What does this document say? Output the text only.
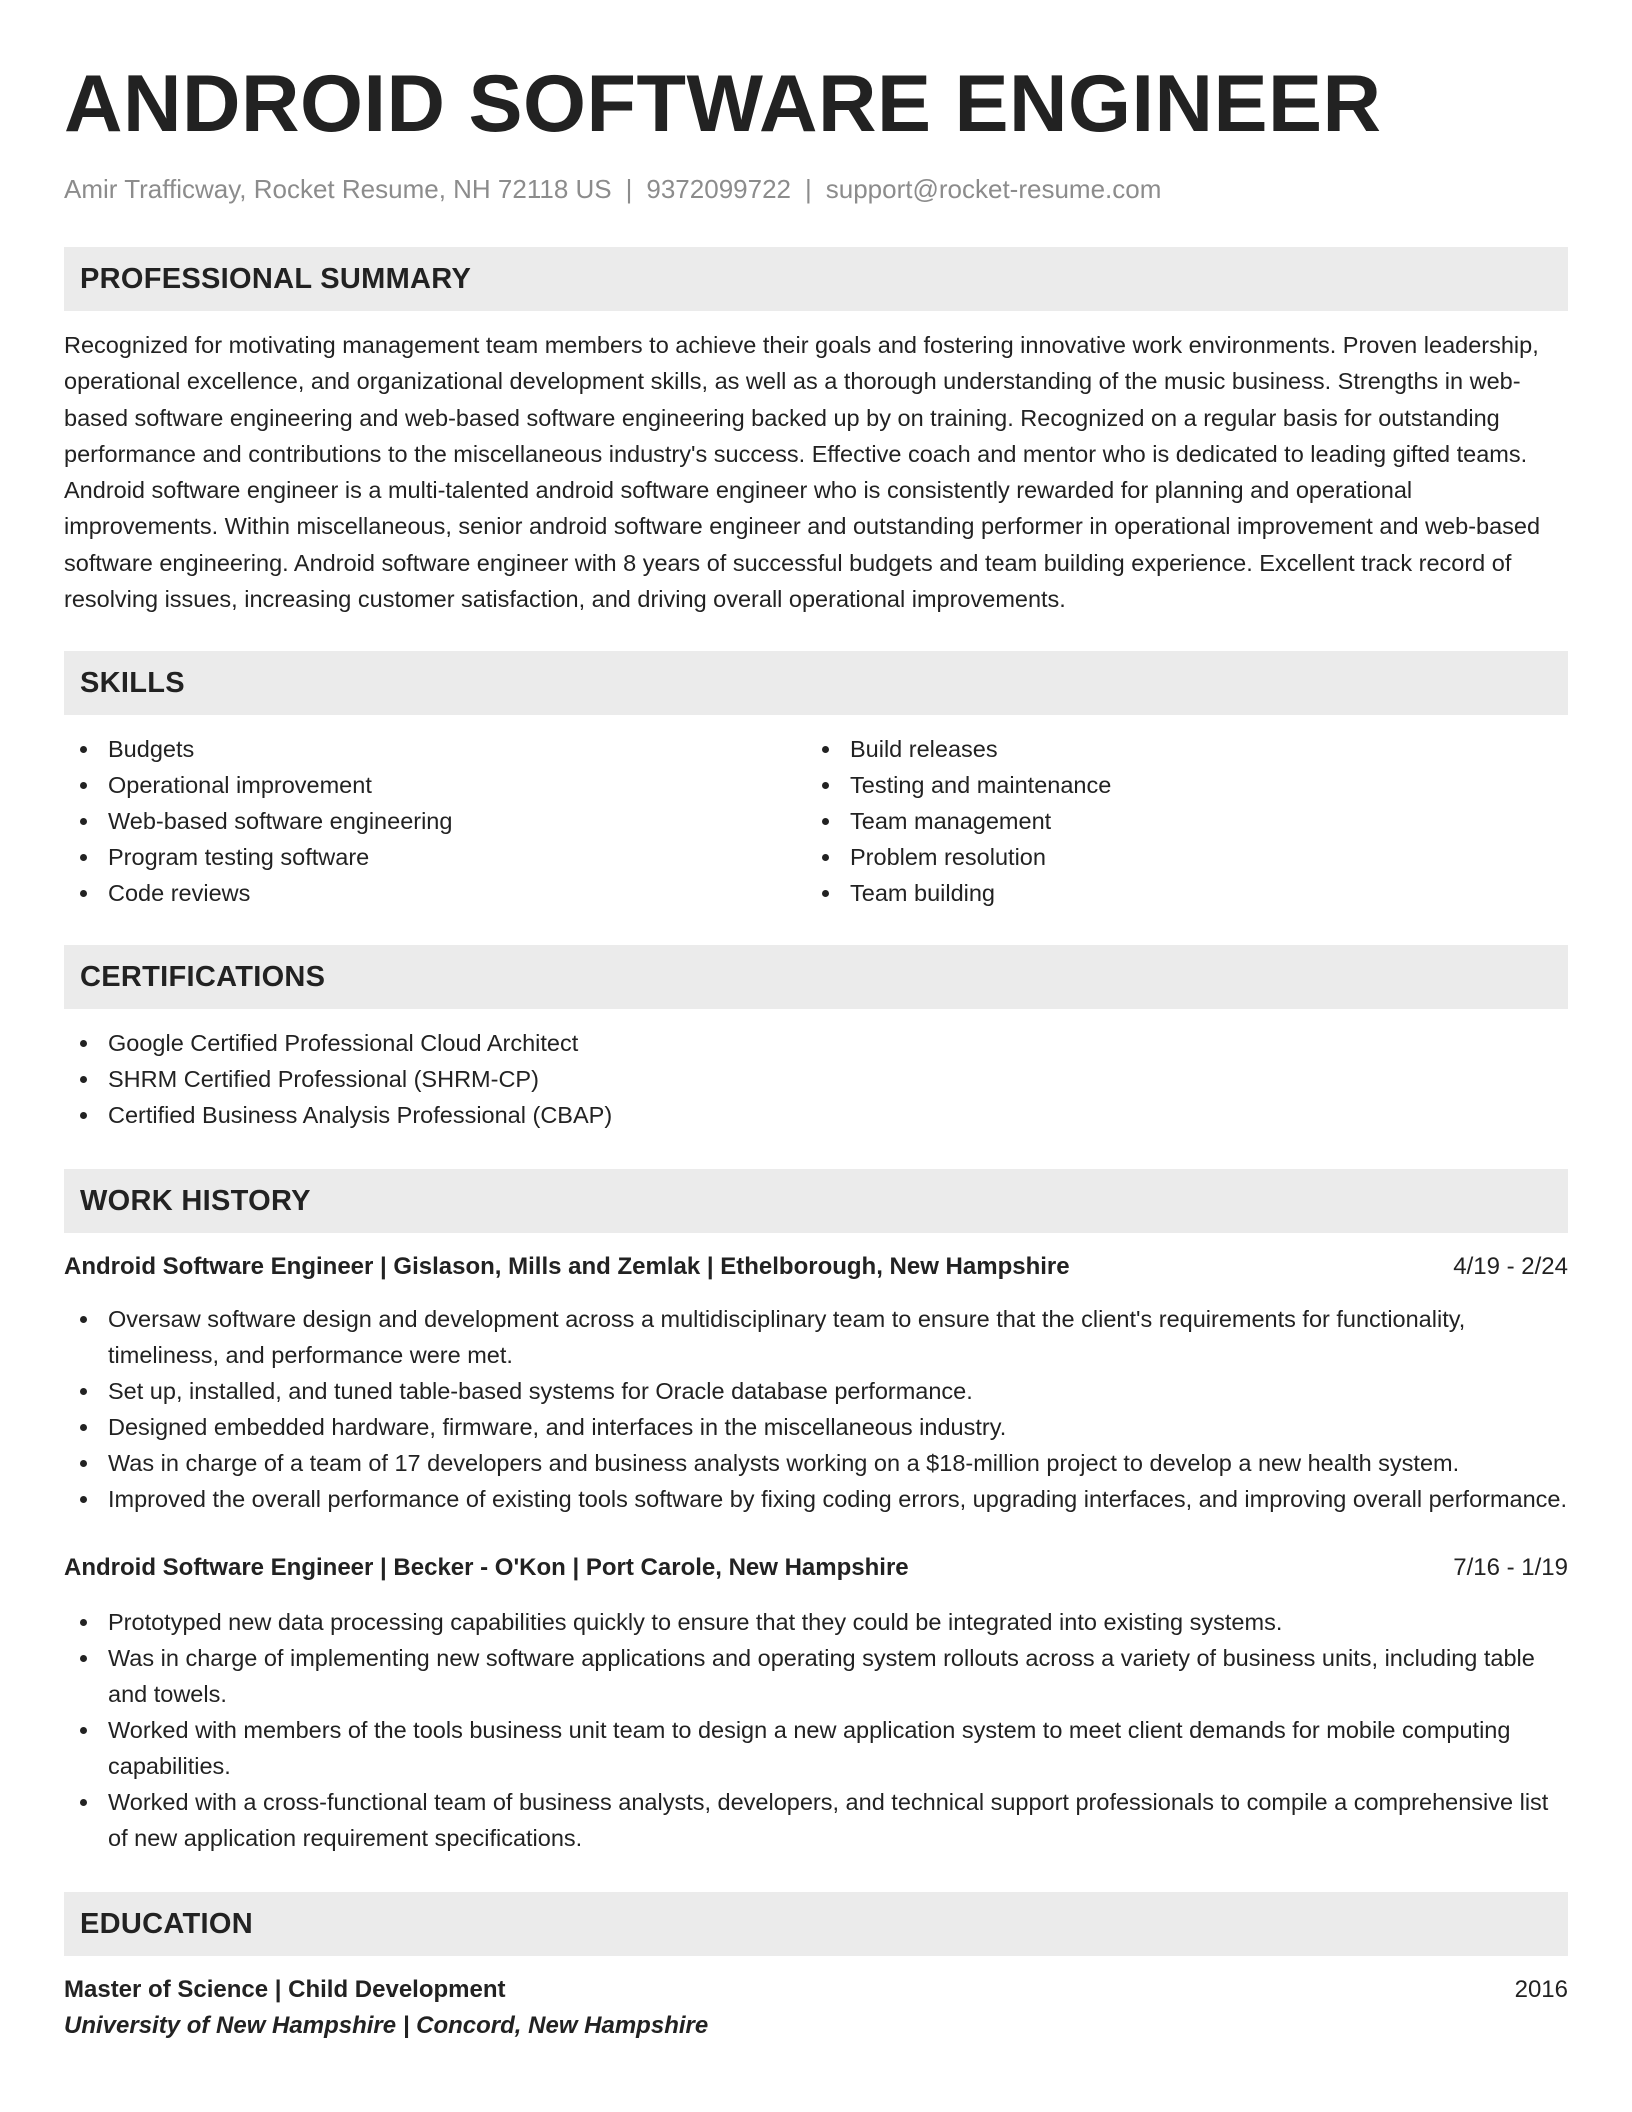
ANDROID SOFTWARE ENGINEER
Amir Trafficway, Rocket Resume, NH 72118 US | 9372099722 | support@rocket-resume.com
PROFESSIONAL SUMMARY
Recognized for motivating management team members to achieve their goals and fostering innovative work environments. Proven leadership, operational excellence, and organizational development skills, as well as a thorough understanding of the music business. Strengths in web-based software engineering and web-based software engineering backed up by on training. Recognized on a regular basis for outstanding performance and contributions to the miscellaneous industry's success. Effective coach and mentor who is dedicated to leading gifted teams. Android software engineer is a multi-talented android software engineer who is consistently rewarded for planning and operational improvements. Within miscellaneous, senior android software engineer and outstanding performer in operational improvement and web-based software engineering. Android software engineer with 8 years of successful budgets and team building experience. Excellent track record of resolving issues, increasing customer satisfaction, and driving overall operational improvements.
SKILLS
Budgets
Operational improvement
Web-based software engineering
Program testing software
Code reviews
Build releases
Testing and maintenance
Team management
Problem resolution
Team building
CERTIFICATIONS
Google Certified Professional Cloud Architect
SHRM Certified Professional (SHRM-CP)
Certified Business Analysis Professional (CBAP)
WORK HISTORY
Android Software Engineer | Gislason, Mills and Zemlak | Ethelborough, New Hampshire	4/19 - 2/24
Oversaw software design and development across a multidisciplinary team to ensure that the client's requirements for functionality, timeliness, and performance were met.
Set up, installed, and tuned table-based systems for Oracle database performance.
Designed embedded hardware, firmware, and interfaces in the miscellaneous industry.
Was in charge of a team of 17 developers and business analysts working on a $18-million project to develop a new health system.
Improved the overall performance of existing tools software by fixing coding errors, upgrading interfaces, and improving overall performance.
Android Software Engineer | Becker - O'Kon | Port Carole, New Hampshire	7/16 - 1/19
Prototyped new data processing capabilities quickly to ensure that they could be integrated into existing systems.
Was in charge of implementing new software applications and operating system rollouts across a variety of business units, including table and towels.
Worked with members of the tools business unit team to design a new application system to meet client demands for mobile computing capabilities.
Worked with a cross-functional team of business analysts, developers, and technical support professionals to compile a comprehensive list of new application requirement specifications.
EDUCATION
Master of Science | Child Development	2016
University of New Hampshire | Concord, New Hampshire
